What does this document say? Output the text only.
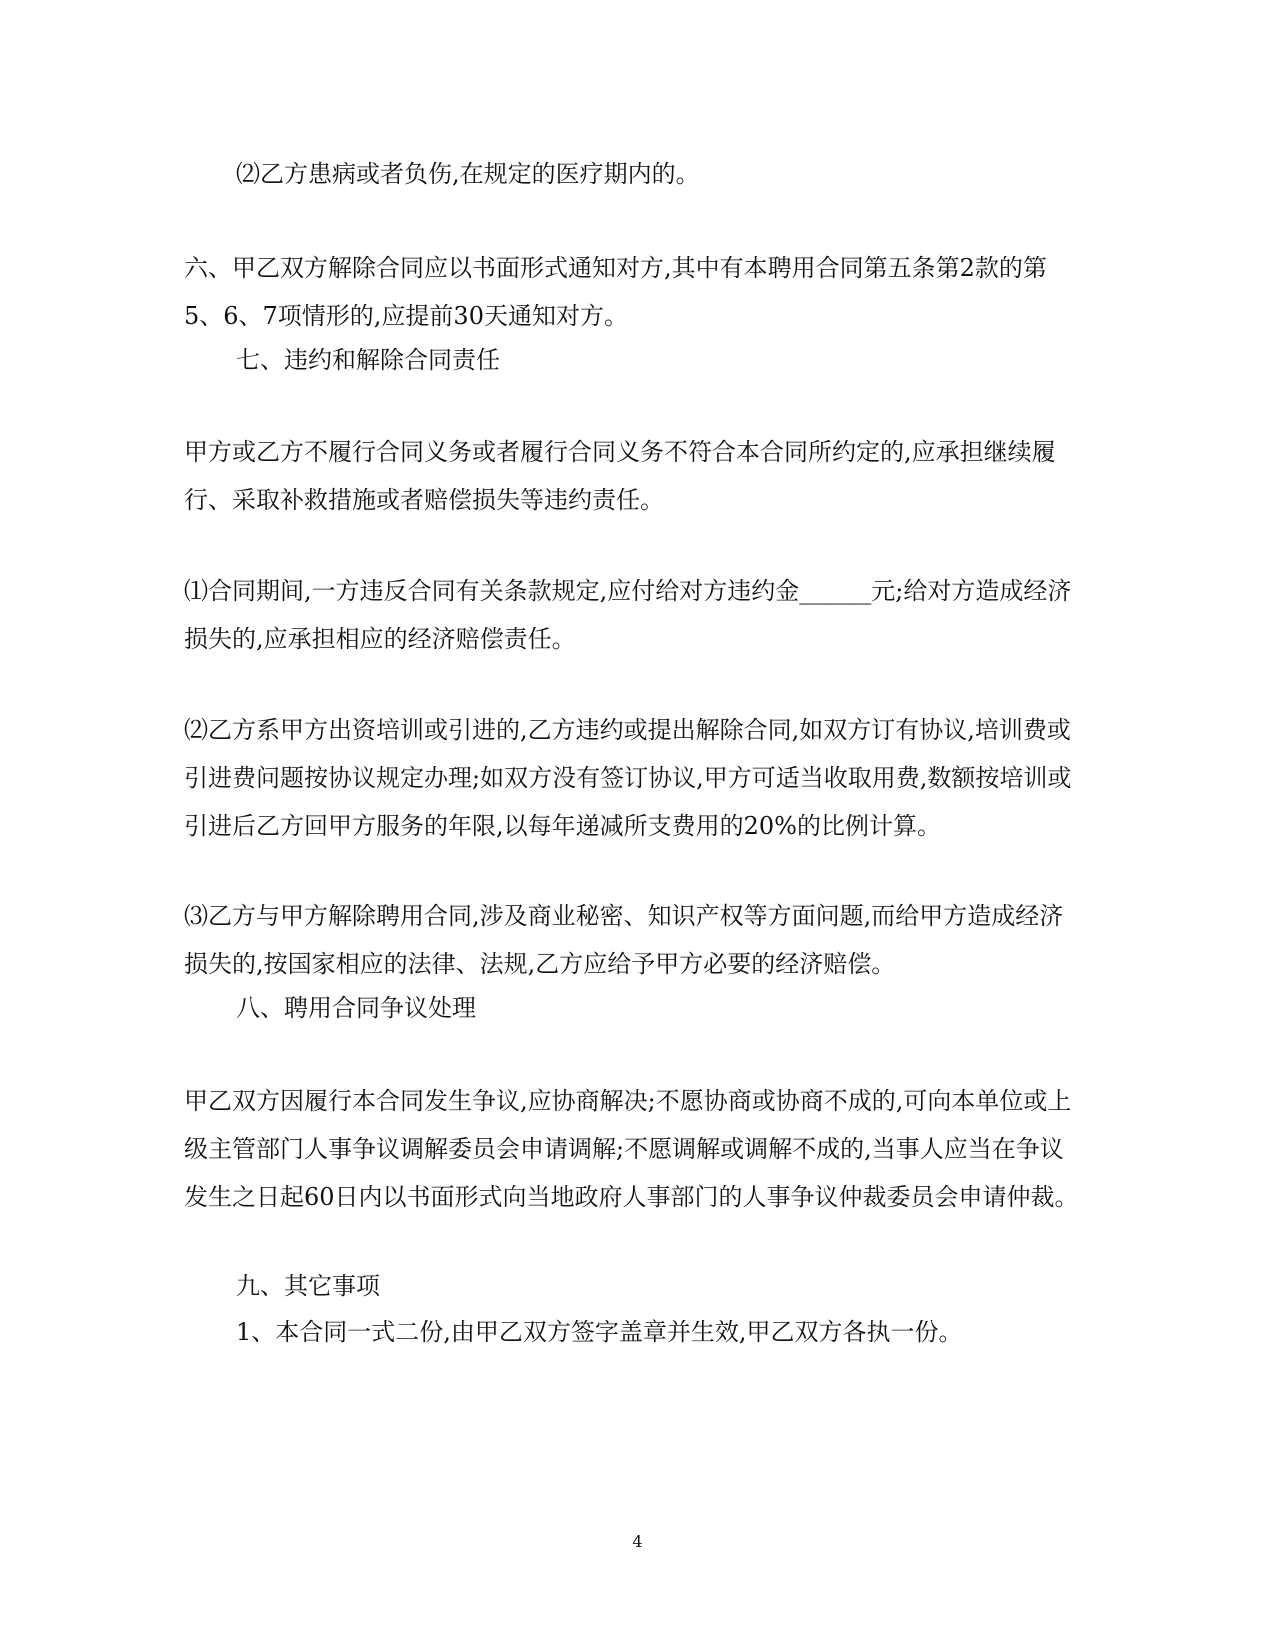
⑵乙方患病或者负伤,在规定的医疗期内的。

六、甲乙双方解除合同应以书面形式通知对方,其中有本聘用合同第五条第2款的第5、6、7项情形的,应提前30天通知对方。

七、违约和解除合同责任

甲方或乙方不履行合同义务或者履行合同义务不符合本合同所约定的,应承担继续履行、采取补救措施或者赔偿损失等违约责任。

⑴合同期间,一方违反合同有关条款规定,应付给对方违约金______元;给对方造成经济损失的,应承担相应的经济赔偿责任。

⑵乙方系甲方出资培训或引进的,乙方违约或提出解除合同,如双方订有协议,培训费或引进费问题按协议规定办理;如双方没有签订协议,甲方可适当收取用费,数额按培训或引进后乙方回甲方服务的年限,以每年递减所支费用的20%的比例计算。

⑶乙方与甲方解除聘用合同,涉及商业秘密、知识产权等方面问题,而给甲方造成经济损失的,按国家相应的法律、法规,乙方应给予甲方必要的经济赔偿。

八、聘用合同争议处理

甲乙双方因履行本合同发生争议,应协商解决;不愿协商或协商不成的,可向本单位或上级主管部门人事争议调解委员会申请调解;不愿调解或调解不成的,当事人应当在争议发生之日起60日内以书面形式向当地政府人事部门的人事争议仲裁委员会申请仲裁。

九、其它事项

1、本合同一式二份,由甲乙双方签字盖章并生效,甲乙双方各执一份。

4
